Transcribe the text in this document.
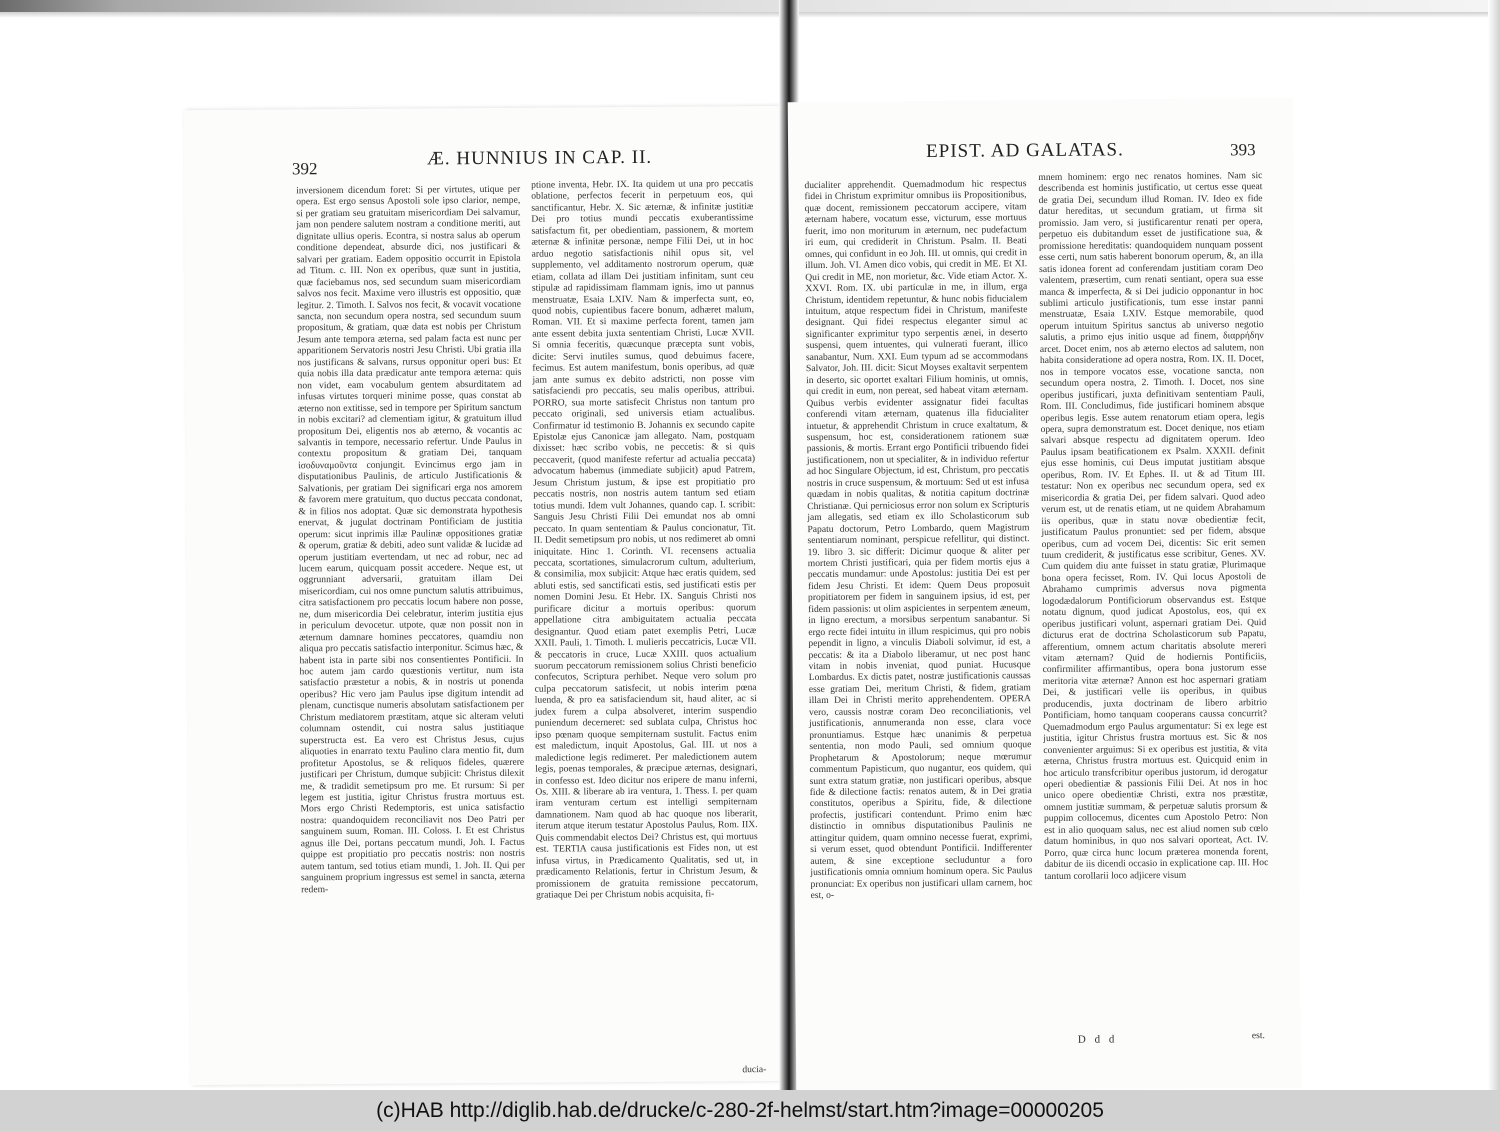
392	Æ. HUNNIUS IN CAP. II.

inversionem dicendum foret: Si per virtutes, utique per opera. Est ergo sensus Apostoli sole ipso clarior, nempe, si per gratiam seu gratuitam misericordiam Dei salvamur, jam non pendere salutem nostram a conditione meriti, aut dignitate ullius operis. Econtra, si nostra salus ab operum conditione dependeat, absurde dici, nos justificari & salvari per gratiam. Eadem oppositio occurrit in Epistola ad Titum. c. III. Non ex operibus, quæ sunt in justitia, quæ faciebamus nos, sed secundum suam misericordiam salvos nos fecit. Maxime vero illustris est oppositio, quæ legitur. 2. Timoth. I. Salvos nos fecit, & vocavit vocatione sancta, non secundum opera nostra, sed secundum suum propositum, & gratiam, quæ data est nobis per Christum Jesum ante tempora æterna, sed palam facta est nunc per apparitionem Servatoris nostri Jesu Christi. Ubi gratia illa nos justificans & salvans, rursus opponitur operi bus: Et quia nobis illa data prædicatur ante tempora æterna: quis non videt, eam vocabulum gentem absurditatem ad infusas virtutes torqueri minime posse, quas constat ab æterno non extitisse, sed in tempore per Spiritum sanctum in nobis excitari? ad clementiam igitur, & gratuitum illud propositum Dei, eligentis nos ab æterno, & vocantis ac salvantis in tempore, necessario refertur. Unde Paulus in contextu propositum & gratiam Dei, tanquam ἰσοδυναμοῦντα conjungit. Evincimus ergo jam in disputationibus Paulinis, de articulo Justificationis & Salvationis, per gratiam Dei significari erga nos amorem & favorem mere gratuitum, quo ductus peccata condonat, & in filios nos adoptat. Quæ sic demonstrata hypothesis enervat, & jugulat doctrinam Pontificiam de justitia operum: sicut inprimis illæ Paulinæ oppositiones gratiæ & operum, gratiæ & debiti, adeo sunt validæ & lucidæ ad operum justitiam evertendam, ut nec ad robur, nec ad lucem earum, quicquam possit accedere. Neque est, ut oggrunniant adversarii, gratuitam illam Dei misericordiam, cui nos omne punctum salutis attribuimus, citra satisfactionem pro peccatis locum habere non posse, ne, dum misericordia Dei celebratur, interim justitia ejus in periculum devocetur. utpote, quæ non possit non in æternum damnare homines peccatores, quamdiu non aliqua pro peccatis satisfactio interponitur. Scimus hæc, & habent ista in parte sibi nos consentientes Pontificii. In hoc autem jam cardo quæstionis vertitur, num ista satisfactio præstetur a nobis, & in nostris ut ponenda operibus? Hic vero jam Paulus ipse digitum intendit ad plenam, cunctisque numeris absolutam satisfactionem per Christum mediatorem præstitam, atque sic alteram veluti columnam ostendit, cui nostra salus justitiaque superstructa est. Ea vero est Christus Jesus, cujus aliquoties in enarrato textu Paulino clara mentio fit, dum profitetur Apostolus, se & reliquos fideles, quærere justificari per Christum, dumque subjicit: Christus dilexit me, & tradidit semetipsum pro me. Et rursum: Si per legem est justitia, igitur Christus frustra mortuus est. Mors ergo Christi Redemptoris, est unica satisfactio nostra: quandoquidem reconciliavit nos Deo Patri per sanguinem suum, Roman. III. Coloss. I. Et est Christus agnus ille Dei, portans peccatum mundi, Joh. I. Factus quippe est propitiatio pro peccatis nostris: non nostris autem tantum, sed totius etiam mundi, 1. Joh. II. Qui per sanguinem proprium ingressus est semel in sancta, æterna redem-

ptione inventa, Hebr. IX. Ita quidem ut una pro peccatis oblatione, perfectos fecerit in perpetuum eos, qui sanctificantur, Hebr. X. Sic æternæ, & infinitæ justitiæ Dei pro totius mundi peccatis exuberantissime satisfactum fit, per obedientiam, passionem, & mortem æternæ & infinitæ personæ, nempe Filii Dei, ut in hoc arduo negotio satisfactionis nihil opus sit, vel supplemento, vel additamento nostrorum operum, quæ etiam, collata ad illam Dei justitiam infinitam, sunt ceu stipulæ ad rapidissimam flammam ignis, imo ut pannus menstruatæ, Esaia LXIV. Nam & imperfecta sunt, eo, quod nobis, cupientibus facere bonum, adhæret malum, Roman. VII. Et si maxime perfecta forent, tamen jam ante essent debita juxta sententiam Christi, Lucæ XVII. Si omnia feceritis, quæcunque præcepta sunt vobis, dicite: Servi inutiles sumus, quod debuimus facere, fecimus. Est autem manifestum, bonis operibus, ad quæ jam ante sumus ex debito adstricti, non posse vim satisfaciendi pro peccatis, seu malis operibus, attribui. PORRO, sua morte satisfecit Christus non tantum pro peccato originali, sed universis etiam actualibus. Confirmatur id testimonio B. Johannis ex secundo capite Epistolæ ejus Canonicæ jam allegato. Nam, postquam dixisset: hæc scribo vobis, ne peccetis: & si quis peccaverit, (quod manifeste refertur ad actualia peccata) advocatum habemus (immediate subjicit) apud Patrem, Jesum Christum justum, & ipse est propitiatio pro peccatis nostris, non nostris autem tantum sed etiam totius mundi. Idem vult Johannes, quando cap. I. scribit: Sanguis Jesu Christi Filii Dei emundat nos ab omni peccato. In quam sententiam & Paulus concionatur, Tit. II. Dedit semetipsum pro nobis, ut nos redimeret ab omni iniquitate. Hinc 1. Corinth. VI. recensens actualia peccata, scortationes, simulacrorum cultum, adulterium, & consimilia, mox subjicit: Atque hæc eratis quidem, sed abluti estis, sed sanctificati estis, sed justificati estis per nomen Domini Jesu. Et Hebr. IX. Sanguis Christi nos purificare dicitur a mortuis operibus: quorum appellatione citra ambiguitatem actualia peccata designantur. Quod etiam patet exemplis Petri, Lucæ XXII. Pauli, 1. Timoth. I. mulieris peccatricis, Lucæ VII. & peccatoris in cruce, Lucæ XXIII. quos actualium suorum peccatorum remissionem solius Christi beneficio confecutos, Scriptura perhibet. Neque vero solum pro culpa peccatorum satisfecit, ut nobis interim pœna luenda, & pro ea satisfaciendum sit, haud aliter, ac si judex furem a culpa absolveret, interim suspendio puniendum decerneret: sed sublata culpa, Christus hoc ipso pœnam quoque sempiternam sustulit. Factus enim est maledictum, inquit Apostolus, Gal. III. ut nos a maledictione legis redimeret. Per maledictionem autem legis, poenas temporales, & præcipue æternas, designari, in confesso est. Ideo dicitur nos eripere de manu inferni, Os. XIII. & liberare ab ira ventura, 1. Thess. I. per quam iram venturam certum est intelligi sempiternam damnationem. Nam quod ab hac quoque nos liberarit, iterum atque iterum testatur Apostolus Paulus, Rom. IIX. Quis commendabit electos Dei? Christus est, qui mortuus est. TERTIA causa justificationis est Fides non, ut est infusa virtus, in Prædicamento Qualitatis, sed ut, in prædicamento Relationis, fertur in Christum Jesum, & promissionem de gratuita remissione peccatorum, gratiaque Dei per Christum nobis acquisita, fi-

ducia-
EPIST. AD GALATAS.	393

ducialiter apprehendit. Quemadmodum hic respectus fidei in Christum exprimitur omnibus iis Propositionibus, quæ docent, remissionem peccatorum accipere, vitam æternam habere, vocatum esse, victurum, esse mortuus fuerit, imo non moriturum in æternum, nec pudefactum iri eum, qui crediderit in Christum. Psalm. II. Beati omnes, qui confidunt in eo Joh. III. ut omnis, qui credit in illum. Joh. VI. Amen dico vobis, qui credit in ME. Et XI. Qui credit in ME, non morietur, &c. Vide etiam Actor. X. XXVI. Rom. IX. ubi particulæ in me, in illum, erga Christum, identidem repetuntur, & hunc nobis fiducialem intuitum, atque respectum fidei in Christum, manifeste designant. Qui fidei respectus eleganter simul ac significanter exprimitur typo serpentis ænei, in deserto suspensi, quem intuentes, qui vulnerati fuerant, illico sanabantur, Num. XXI. Eum typum ad se accommodans Salvator, Joh. III. dicit: Sicut Moyses exaltavit serpentem in deserto, sic oportet exaltari Filium hominis, ut omnis, qui credit in eum, non pereat, sed habeat vitam æternam. Quibus verbis evidenter assignatur fidei facultas conferendi vitam æternam, quatenus illa fiducialiter intuetur, & apprehendit Christum in cruce exaltatum, & suspensum, hoc est, considerationem rationem suæ passionis, & mortis. Errant ergo Pontificii tribuendo fidei justificationem, non ut specialiter, & in individuo refertur ad hoc Singulare Objectum, id est, Christum, pro peccatis nostris in cruce suspensum, & mortuum: Sed ut est infusa quædam in nobis qualitas, & notitia capitum doctrinæ Christianæ. Qui perniciosus error non solum ex Scripturis jam allegatis, sed etiam ex illo Scholasticorum sub Papatu doctorum, Petro Lombardo, quem Magistrum sententiarum nominant, perspicue refellitur, qui distinct. 19. libro 3. sic differit: Dicimur quoque & aliter per mortem Christi justificari, quia per fidem mortis ejus a peccatis mundamur: unde Apostolus: justitia Dei est per fidem Jesu Christi. Et idem: Quem Deus proposuit propitiatorem per fidem in sanguinem ipsius, id est, per fidem passionis: ut olim aspicientes in serpentem æneum, in ligno erectum, a morsibus serpentum sanabantur. Si ergo recte fidei intuitu in illum respicimus, qui pro nobis pependit in ligno, a vinculis Diaboli solvimur, id est, a peccatis: & ita a Diabolo liberamur, ut nec post hanc vitam in nobis inveniat, quod puniat. Hucusque Lombardus. Ex dictis patet, nostræ justificationis caussas esse gratiam Dei, meritum Christi, & fidem, gratiam illam Dei in Christi merito apprehendentem. OPERA vero, caussis nostræ coram Deo reconciliationis, vel justificationis, annumeranda non esse, clara voce pronuntiamus. Estque hæc unanimis & perpetua sententia, non modo Pauli, sed omnium quoque Prophetarum & Apostolorum; neque mœrumur commentum Papisticum, quo nugantur, eos quidem, qui sunt extra statum gratiæ, non justificari operibus, absque fide & dilectione factis: renatos autem, & in Dei gratia constitutos, operibus a Spiritu, fide, & dilectione profectis, justificari contendunt. Primo enim hæc distinctio in omnibus disputationibus Paulinis ne attingitur quidem, quam omnino necesse fuerat, exprimi, si verum esset, quod obtendunt Pontificii. Indifferenter autem, & sine exceptione secluduntur a foro justificationis omnia omnium hominum opera. Sic Paulus pronunciat: Ex operibus non justificari ullam carnem, hoc est, o-

mnem hominem: ergo nec renatos homines. Nam sic describenda est hominis justificatio, ut certus esse queat de gratia Dei, secundum illud Roman. IV. Ideo ex fide datur hereditas, ut secundum gratiam, ut firma sit promissio. Jam vero, si justificarentur renati per opera, perpetuo eis dubitandum esset de justificatione sua, & promissione hereditatis: quandoquidem nunquam possent esse certi, num satis haberent bonorum operum, &, an illa satis idonea forent ad conferendam justitiam coram Deo valentem, præsertim, cum renati sentiant, opera sua esse manca & imperfecta, & si Dei judicio opponantur in hoc sublimi articulo justificationis, tum esse instar panni menstruatæ, Esaia LXIV. Estque memorabile, quod operum intuitum Spiritus sanctus ab universo negotio salutis, a primo ejus initio usque ad finem, διαρρήδην arcet. Docet enim, nos ab æterno electos ad salutem, non habita consideratione ad opera nostra, Rom. IX. II. Docet, nos in tempore vocatos esse, vocatione sancta, non secundum opera nostra, 2. Timoth. I. Docet, nos sine operibus justificari, juxta definitivam sententiam Pauli, Rom. III. Concludimus, fide justificari hominem absque operibus legis. Esse autem renatorum etiam opera, legis opera, supra demonstratum est. Docet denique, nos etiam salvari absque respectu ad dignitatem operum. Ideo Paulus ipsam beatificationem ex Psalm. XXXII. definit ejus esse hominis, cui Deus imputat justitiam absque operibus, Rom. IV. Et Ephes. II. ut & ad Titum III. testatur: Non ex operibus nec secundum opera, sed ex misericordia & gratia Dei, per fidem salvari. Quod adeo verum est, ut de renatis etiam, ut ne quidem Abrahamum iis operibus, quæ in statu novæ obedientiæ fecit, justificatum Paulus pronuntiet: sed per fidem, absque operibus, cum ad vocem Dei, dicentis: Sic erit semen tuum crediderit, & justificatus esse scribitur, Genes. XV. Cum quidem diu ante fuisset in statu gratiæ, Plurimaque bona opera fecisset, Rom. IV. Qui locus Apostoli de Abrahamo cumprimis adversus nova pigmenta logodædalorum Pontificiorum observandus est. Estque notatu dignum, quod judicat Apostolus, eos, qui ex operibus justificari volunt, aspernari gratiam Dei. Quid dicturus erat de doctrina Scholasticorum sub Papatu, afferentium, omnem actum charitatis absolute mereri vitam æternam? Quid de hodiernis Pontificiis, confirmiliter affirmantibus, opera bona justorum esse meritoria vitæ æternæ? Annon est hoc aspernari gratiam Dei, & justificari velle iis operibus, in quibus producendis, juxta doctrinam de libero arbitrio Pontificiam, homo tanquam cooperans caussa concurrit? Quemadmodum ergo Paulus argumentatur: Si ex lege est justitia, igitur Christus frustra mortuus est. Sic & nos convenienter arguimus: Si ex operibus est justitia, & vita æterna, Christus frustra mortuus est. Quicquid enim in hoc articulo transfcribitur operibus justorum, id derogatur operi obedientiæ & passionis Filii Dei. At nos in hoc unico opere obedientiæ Christi, extra nos præstitæ, omnem justitiæ summam, & perpetuæ salutis prorsum & puppim collocemus, dicentes cum Apostolo Petro: Non est in alio quoquam salus, nec est aliud nomen sub cœlo datum hominibus, in quo nos salvari oporteat, Act. IV. Porro, quæ circa hunc locum præterea monenda forent, dabitur de iis dicendi occasio in explicatione cap. III. Hoc tantum corollarii loco adjicere visum

D d d	est.
(c)HAB http://diglib.hab.de/drucke/c-280-2f-helmst/start.htm?image=00000205
